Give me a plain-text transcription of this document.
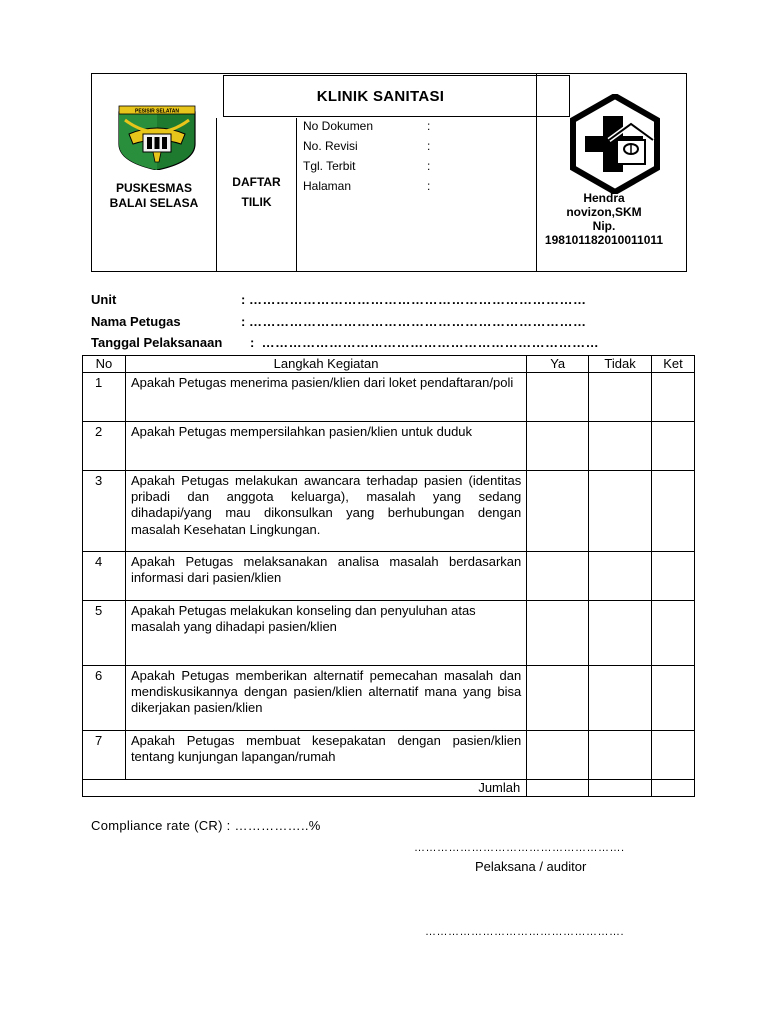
KLINIK SANITASI
PESISIR SELATAN
PUSKESMAS
BALAI SELASA
DAFTAR
TILIK
No Dokumen	:
No. Revisi	:
Tgl. Terbit	:
Halaman	:
Hendra
novizon,SKM
Nip.
198101182010011011
Unit	: …………………………………………………………………
Nama Petugas	: …………………………………………………………………
Tanggal Pelaksanaan : …………………………………………………………………
No	Langkah Kegiatan	Ya	Tidak	Ket
1	Apakah Petugas menerima pasien/klien dari loket pendaftaran/poli			
2	Apakah Petugas mempersilahkan pasien/klien untuk duduk			
3	Apakah Petugas melakukan awancara terhadap pasien (identitas pribadi dan anggota keluarga), masalah yang sedang dihadapi/yang mau dikonsulkan yang berhubungan dengan masalah Kesehatan Lingkungan.			
4	Apakah Petugas melaksanakan analisa masalah berdasarkan informasi dari pasien/klien			
5	Apakah Petugas melakukan konseling dan penyuluhan atas masalah yang dihadapi pasien/klien			
6	Apakah Petugas memberikan alternatif pemecahan masalah dan mendiskusikannya dengan pasien/klien alternatif mana yang bisa dikerjakan pasien/klien			
7	Apakah Petugas membuat kesepakatan dengan pasien/klien tentang kunjungan lapangan/rumah			
Jumlah				
Compliance rate (CR) : ……………..%
……………………………………………….
Pelaksana / auditor
…………………………………………….
